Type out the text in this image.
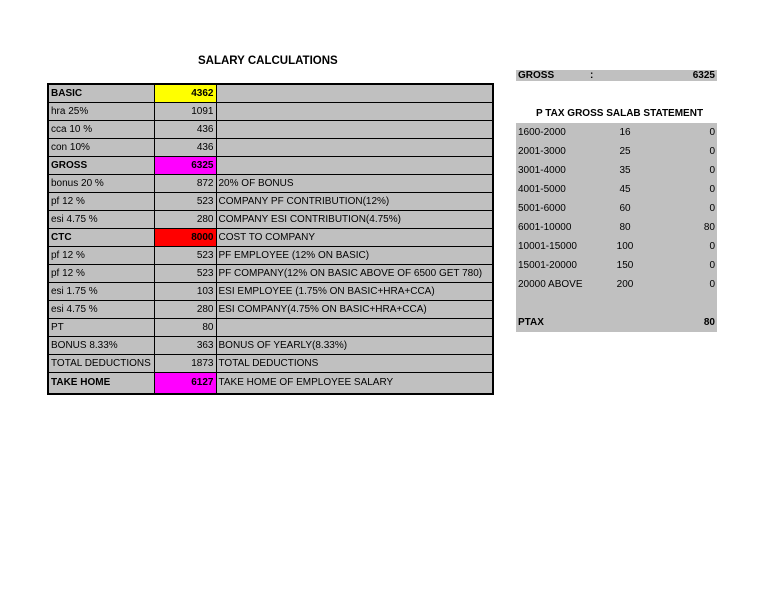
SALARY CALCULATIONS
BASIC	4362	
hra 25%	1091	
cca 10 %	436	
con 10%	436	
GROSS	6325	
bonus 20 %	872	20% OF BONUS
pf 12 %	523	COMPANY PF CONTRIBUTION(12%)
esi 4.75 %	280	COMPANY ESI CONTRIBUTION(4.75%)
CTC	8000	COST TO COMPANY
pf 12 %	523	PF EMPLOYEE (12% ON BASIC)
pf 12 %	523	PF COMPANY(12% ON BASIC ABOVE OF 6500 GET 780)
esi 1.75 %	103	ESI EMPLOYEE (1.75% ON BASIC+HRA+CCA)
esi 4.75 %	280	ESI COMPANY(4.75% ON BASIC+HRA+CCA)
PT	80	
BONUS 8.33%	363	BONUS OF YEARLY(8.33%)
TOTAL DEDUCTIONS	1873	TOTAL DEDUCTIONS
TAKE HOME	6127	TAKE HOME OF EMPLOYEE SALARY
GROSS	:	6325
P TAX GROSS SALAB STATEMENT
1600-2000	16	0
2001-3000	25	0
3001-4000	35	0
4001-5000	45	0
5001-6000	60	0
6001-10000	80	80
10001-15000	100	0
15001-20000	150	0
20000 ABOVE	200	0

PTAX		80
